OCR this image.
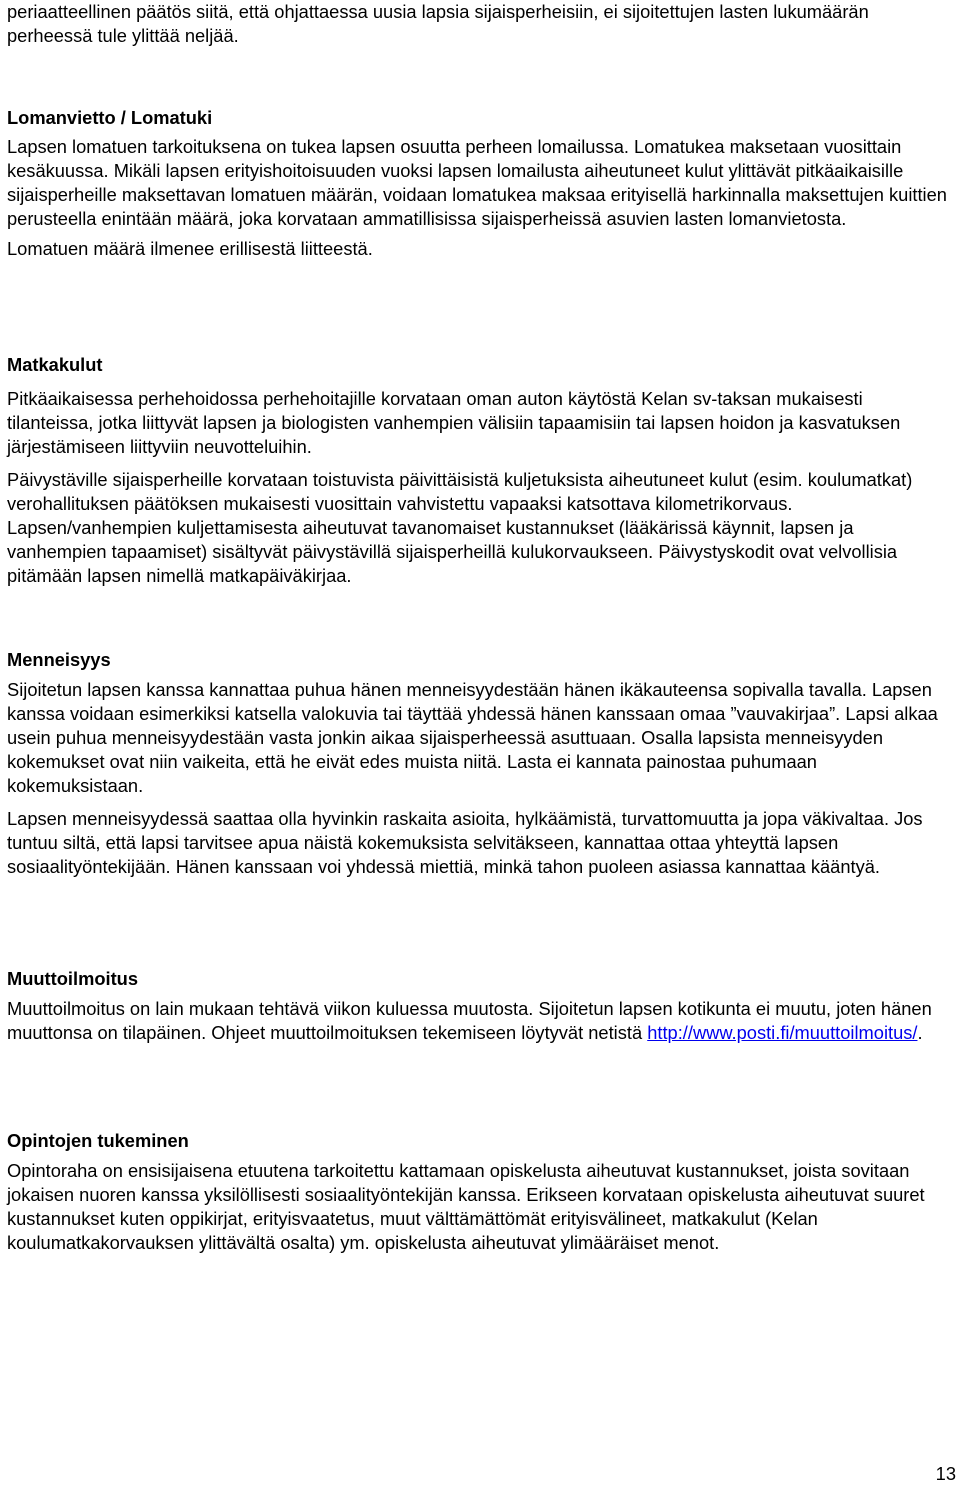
periaatteellinen päätös siitä, että ohjattaessa uusia lapsia sijaisperheisiin, ei sijoitettujen lasten lukumäärän perheessä tule ylittää neljää.

Lomanvietto / Lomatuki

Lapsen lomatuen tarkoituksena on tukea lapsen osuutta perheen lomailussa. Lomatukea maksetaan vuosittain kesäkuussa. Mikäli lapsen erityishoitoisuuden vuoksi lapsen lomailusta aiheutuneet kulut ylittävät pitkäaikaisille sijaisperheille maksettavan lomatuen määrän, voidaan lomatukea maksaa erityisellä harkinnalla maksettujen kuittien perusteella enintään määrä, joka korvataan ammatillisissa sijaisperheissä asuvien lasten lomanvietosta.

Lomatuen määrä ilmenee erillisestä liitteestä.

Matkakulut

Pitkäaikaisessa perhehoidossa perhehoitajille korvataan oman auton käytöstä Kelan sv-taksan mukaisesti tilanteissa, jotka liittyvät lapsen ja biologisten vanhempien välisiin tapaamisiin tai lapsen hoidon ja kasvatuksen järjestämiseen liittyviin neuvotteluihin.

Päivystäville sijaisperheille korvataan toistuvista päivittäisistä kuljetuksista aiheutuneet kulut (esim. koulumatkat) verohallituksen päätöksen mukaisesti vuosittain vahvistettu vapaaksi katsottava kilometrikorvaus. Lapsen/vanhempien kuljettamisesta aiheutuvat tavanomaiset kustannukset (lääkärissä käynnit, lapsen ja vanhempien tapaamiset) sisältyvät päivystävillä sijaisperheillä kulukorvaukseen. Päivystyskodit ovat velvollisia pitämään lapsen nimellä matkapäiväkirjaa.

Menneisyys

Sijoitetun lapsen kanssa kannattaa puhua hänen menneisyydestään hänen ikäkauteensa sopivalla tavalla. Lapsen kanssa voidaan esimerkiksi katsella valokuvia tai täyttää yhdessä hänen kanssaan omaa ”vauvakirjaa”. Lapsi alkaa usein puhua menneisyydestään vasta jonkin aikaa sijaisperheessä asuttuaan. Osalla lapsista menneisyyden kokemukset ovat niin vaikeita, että he eivät edes muista niitä. Lasta ei kannata painostaa puhumaan kokemuksistaan.

Lapsen menneisyydessä saattaa olla hyvinkin raskaita asioita, hylkäämistä, turvattomuutta ja jopa väkivaltaa. Jos tuntuu siltä, että lapsi tarvitsee apua näistä kokemuksista selvitäkseen, kannattaa ottaa yhteyttä lapsen sosiaalityöntekijään. Hänen kanssaan voi yhdessä miettiä, minkä tahon puoleen asiassa kannattaa kääntyä.

Muuttoilmoitus

Muuttoilmoitus on lain mukaan tehtävä viikon kuluessa muutosta. Sijoitetun lapsen kotikunta ei muutu, joten hänen muuttonsa on tilapäinen. Ohjeet muuttoilmoituksen tekemiseen löytyvät netistä http://www.posti.fi/muuttoilmoitus/.

Opintojen tukeminen

Opintoraha on ensisijaisena etuutena tarkoitettu kattamaan opiskelusta aiheutuvat kustannukset, joista sovitaan jokaisen nuoren kanssa yksilöllisesti sosiaalityöntekijän kanssa. Erikseen korvataan opiskelusta aiheutuvat suuret kustannukset kuten oppikirjat, erityisvaatetus, muut välttämättömät erityisvälineet, matkakulut (Kelan koulumatkakorvauksen ylittävältä osalta) ym. opiskelusta aiheutuvat ylimääräiset menot.

13
